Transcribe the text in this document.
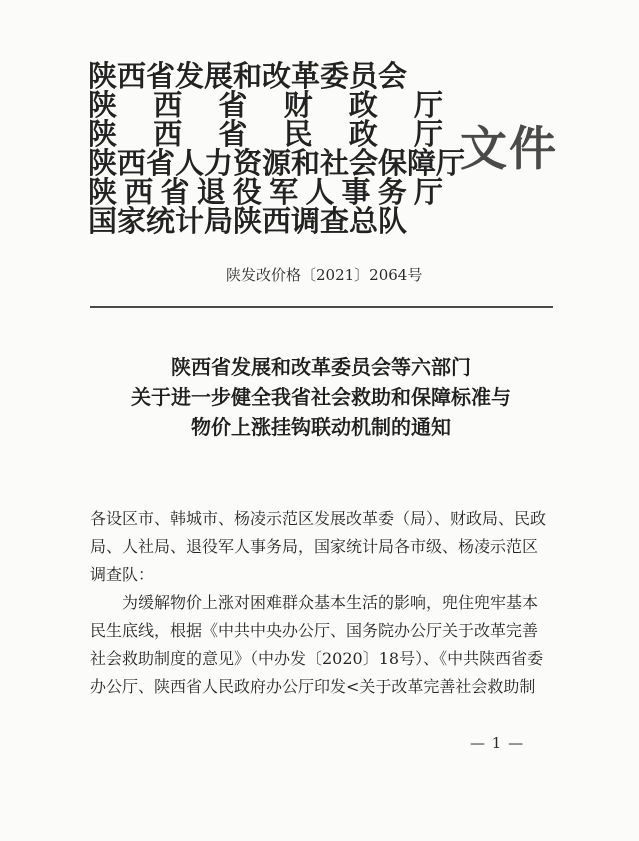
陕西省发展和改革委员会
陕西省财政厅
陕西省民政厅
陕西省人力资源和社会保障厅
陕西省退役军人事务厅
国家统计局陕西调查总队
文件
陕发改价格〔2021〕2064号
陕西省发展和改革委员会等六部门
关于进一步健全我省社会救助和保障标准与
物价上涨挂钩联动机制的通知
各设区市、韩城市、杨凌示范区发展改革委（局）、财政局、民政
局、人社局、退役军人事务局，国家统计局各市级、杨凌示范区
调查队：
为缓解物价上涨对困难群众基本生活的影响，兜住兜牢基本
民生底线，根据《中共中央办公厅、国务院办公厅关于改革完善
社会救助制度的意见》（中办发〔2020〕18号）、《中共陕西省委
办公厅、陕西省人民政府办公厅印发<关于改革完善社会救助制
— 1 —
